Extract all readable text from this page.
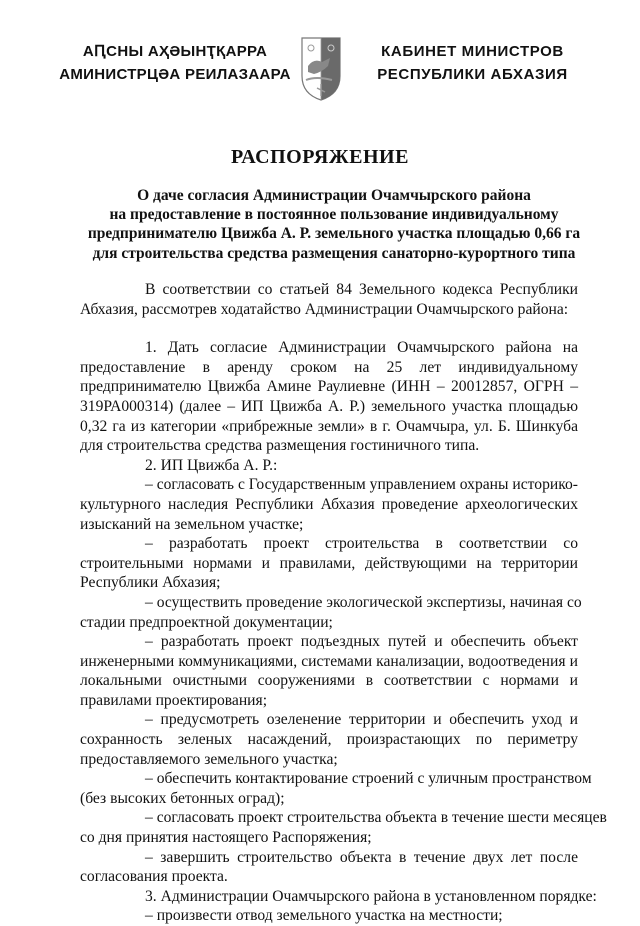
АԤСНЫ АҲӘЫНҬҚАРРА
АМИНИСТРЦӘА РЕИЛАЗААРА
КАБИНЕТ МИНИСТРОВ
РЕСПУБЛИКИ АБХАЗИЯ
РАСПОРЯЖЕНИЕ
О даче согласия Администрации Очамчырского района
на предоставление в постоянное пользование индивидуальному
предпринимателю Цвижба А. Р. земельного участка площадью 0,66 га
для строительства средства размещения санаторно-курортного типа
В соответствии со статьей 84 Земельного кодекса Республики
Абхазия, рассмотрев ходатайство Администрации Очамчырского района:
1. Дать согласие Администрации Очамчырского района на
предоставление в аренду сроком на 25 лет индивидуальному
предпринимателю Цвижба Амине Раулиевне (ИНН – 20012857, ОГРН –
319РА000314) (далее – ИП Цвижба А. Р.) земельного участка площадью
0,32 га из категории «прибрежные земли» в г. Очамчыра, ул. Б. Шинкуба
для строительства средства размещения гостиничного типа.
2. ИП Цвижба А. Р.:
– согласовать с Государственным управлением охраны историко-
культурного наследия Республики Абхазия проведение археологических
изысканий на земельном участке;
– разработать проект строительства в соответствии со
строительными нормами и правилами, действующими на территории
Республики Абхазия;
– осуществить проведение экологической экспертизы, начиная со
стадии предпроектной документации;
– разработать проект подъездных путей и обеспечить объект
инженерными коммуникациями, системами канализации, водоотведения и
локальными очистными сооружениями в соответствии с нормами и
правилами проектирования;
– предусмотреть озеленение территории и обеспечить уход и
сохранность зеленых насаждений, произрастающих по периметру
предоставляемого земельного участка;
– обеспечить контактирование строений с уличным пространством
(без высоких бетонных оград);
– согласовать проект строительства объекта в течение шести месяцев
со дня принятия настоящего Распоряжения;
– завершить строительство объекта в течение двух лет после
согласования проекта.
3. Администрации Очамчырского района в установленном порядке:
– произвести отвод земельного участка на местности;
